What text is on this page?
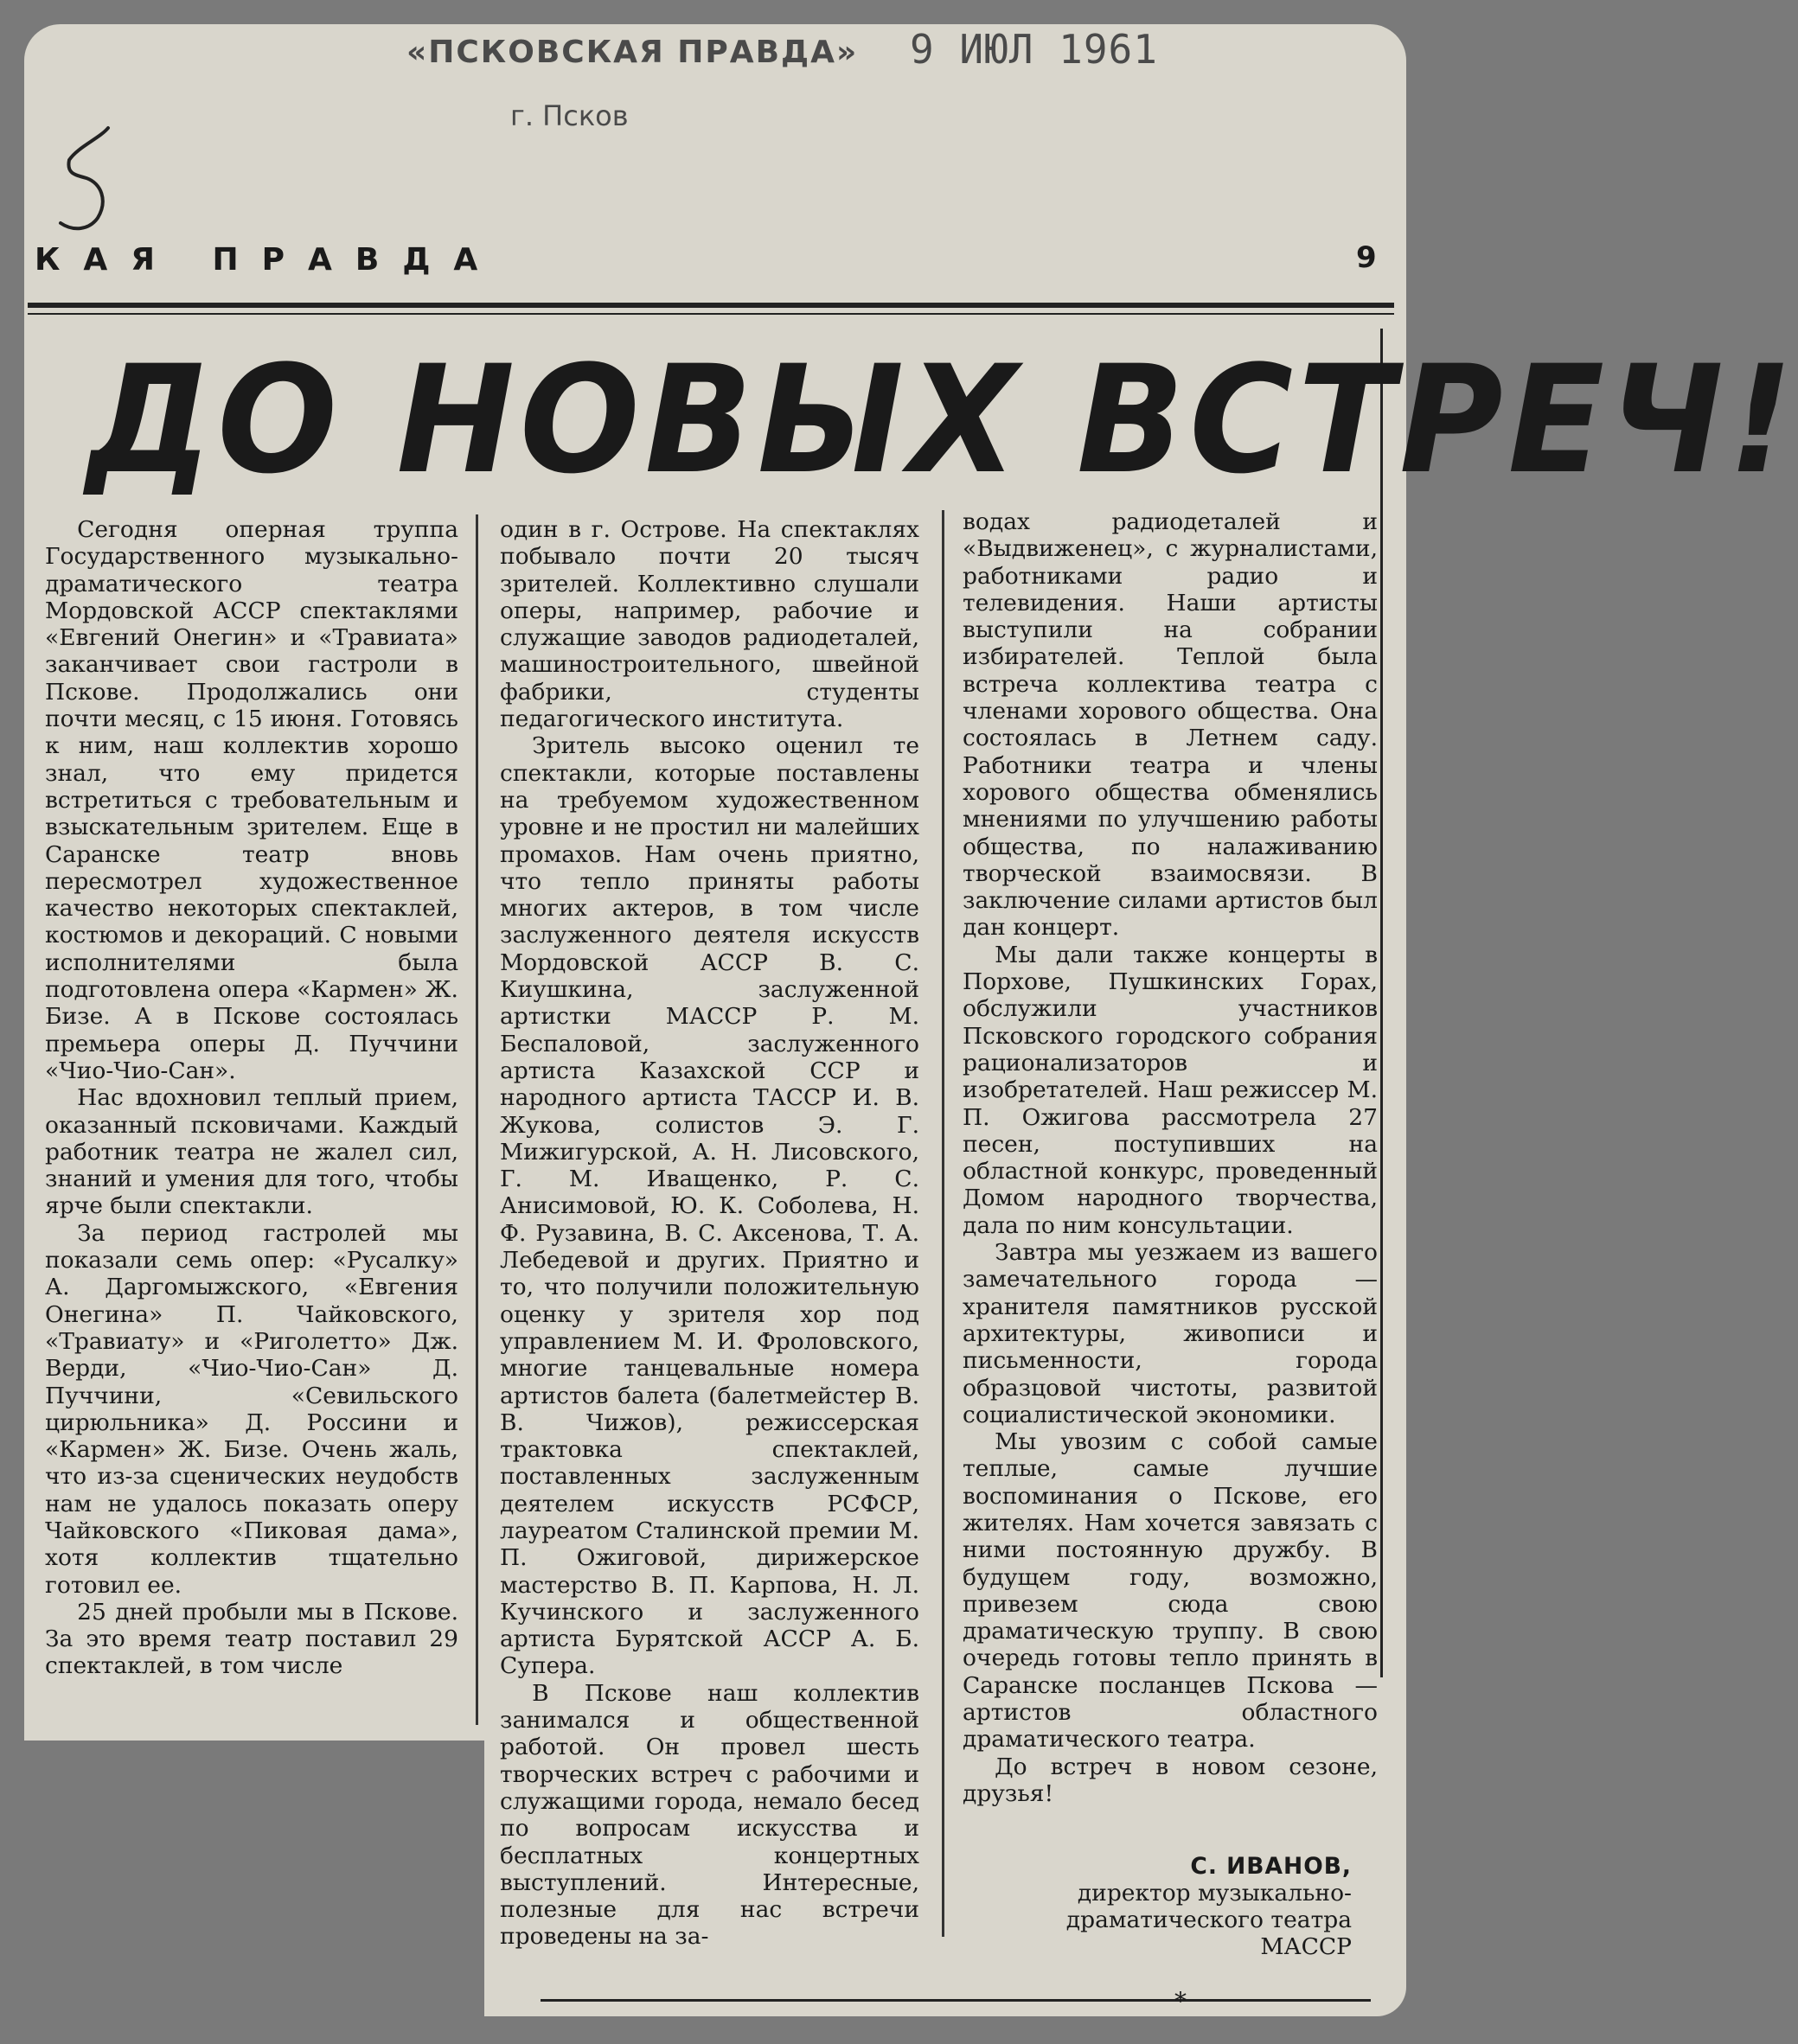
«ПСКОВСКАЯ ПРАВДА»
г. Псков
9 ИЮЛ 1961
КАЯ ПРАВДА	9
ДО НОВЫХ ВСТРЕЧ!

Сегодня оперная труппа Государственного музыкально-драматического театра Мордовской АССР спектаклями «Евгений Онегин» и «Травиата» заканчивает свои гастроли в Пскове. Продолжались они почти месяц, с 15 июня. Готовясь к ним, наш коллектив хорошо знал, что ему придется встретиться с требовательным и взыскательным зрителем. Еще в Саранске театр вновь пересмотрел художественное качество некоторых спектаклей, костюмов и декораций. С новыми исполнителями была подготовлена опера «Кармен» Ж. Бизе. А в Пскове состоялась премьера оперы Д. Пуччини «Чио-Чио-Сан».

Нас вдохновил теплый прием, оказанный псковичами. Каждый работник театра не жалел сил, знаний и умения для того, чтобы ярче были спектакли.

За период гастролей мы показали семь опер: «Русалку» А. Даргомыжского, «Евгения Онегина» П. Чайковского, «Травиату» и «Риголетто» Дж. Верди, «Чио-Чио-Сан» Д. Пуччини, «Севильского цирюльника» Д. Россини и «Кармен» Ж. Бизе. Очень жаль, что из-за сценических неудобств нам не удалось показать оперу Чайковского «Пиковая дама», хотя коллектив тщательно готовил ее.

25 дней пробыли мы в Пскове. За это время театр поставил 29 спектаклей, в том числе

один в г. Острове. На спектаклях побывало почти 20 тысяч зрителей. Коллективно слушали оперы, например, рабочие и служащие заводов радиодеталей, машиностроительного, швейной фабрики, студенты педагогического института.

Зритель высоко оценил те спектакли, которые поставлены на требуемом художественном уровне и не простил ни малейших промахов. Нам очень приятно, что тепло приняты работы многих актеров, в том числе заслуженного деятеля искусств Мордовской АССР В. С. Киушкина, заслуженной артистки МАССР Р. М. Беспаловой, заслуженного артиста Казахской ССР и народного артиста ТАССР И. В. Жукова, солистов Э. Г. Мижигурской, А. Н. Лисовского, Г. М. Иващенко, Р. С. Анисимовой, Ю. К. Соболева, Н. Ф. Рузавина, В. С. Аксенова, Т. А. Лебедевой и других. Приятно и то, что получили положительную оценку у зрителя хор под управлением М. И. Фроловского, многие танцевальные номера артистов балета (балетмейстер В. В. Чижов), режиссерская трактовка спектаклей, поставленных заслуженным деятелем искусств РСФСР, лауреатом Сталинской премии М. П. Ожиговой, дирижерское мастерство В. П. Карпова, Н. Л. Кучинского и заслуженного артиста Бурятской АССР А. Б. Супера.

В Пскове наш коллектив занимался и общественной работой. Он провел шесть творческих встреч с рабочими и служащими города, немало бесед по вопросам искусства и бесплатных концертных выступлений. Интересные, полезные для нас встречи проведены на за-

водах радиодеталей и «Выдвиженец», с журналистами, работниками радио и телевидения. Наши артисты выступили на собрании избирателей. Теплой была встреча коллектива театра с членами хорового общества. Она состоялась в Летнем саду. Работники театра и члены хорового общества обменялись мнениями по улучшению работы общества, по налаживанию творческой взаимосвязи. В заключение силами артистов был дан концерт.

Мы дали также концерты в Порхове, Пушкинских Горах, обслужили участников Псковского городского собрания рационализаторов и изобретателей. Наш режиссер М. П. Ожигова рассмотрела 27 песен, поступивших на областной конкурс, проведенный Домом народного творчества, дала по ним консультации.

Завтра мы уезжаем из вашего замечательного города — хранителя памятников русской архитектуры, живописи и письменности, города образцовой чистоты, развитой социалистической экономики.

Мы увозим с собой самые теплые, самые лучшие воспоминания о Пскове, его жителях. Нам хочется завязать с ними постоянную дружбу. В будущем году, возможно, привезем сюда свою драматическую труппу. В свою очередь готовы тепло принять в Саранске посланцев Пскова — артистов областного драматического театра.

До встреч в новом сезоне, друзья!

С. ИВАНОВ,
директор музыкально-
драматического театра
МАССР
*
